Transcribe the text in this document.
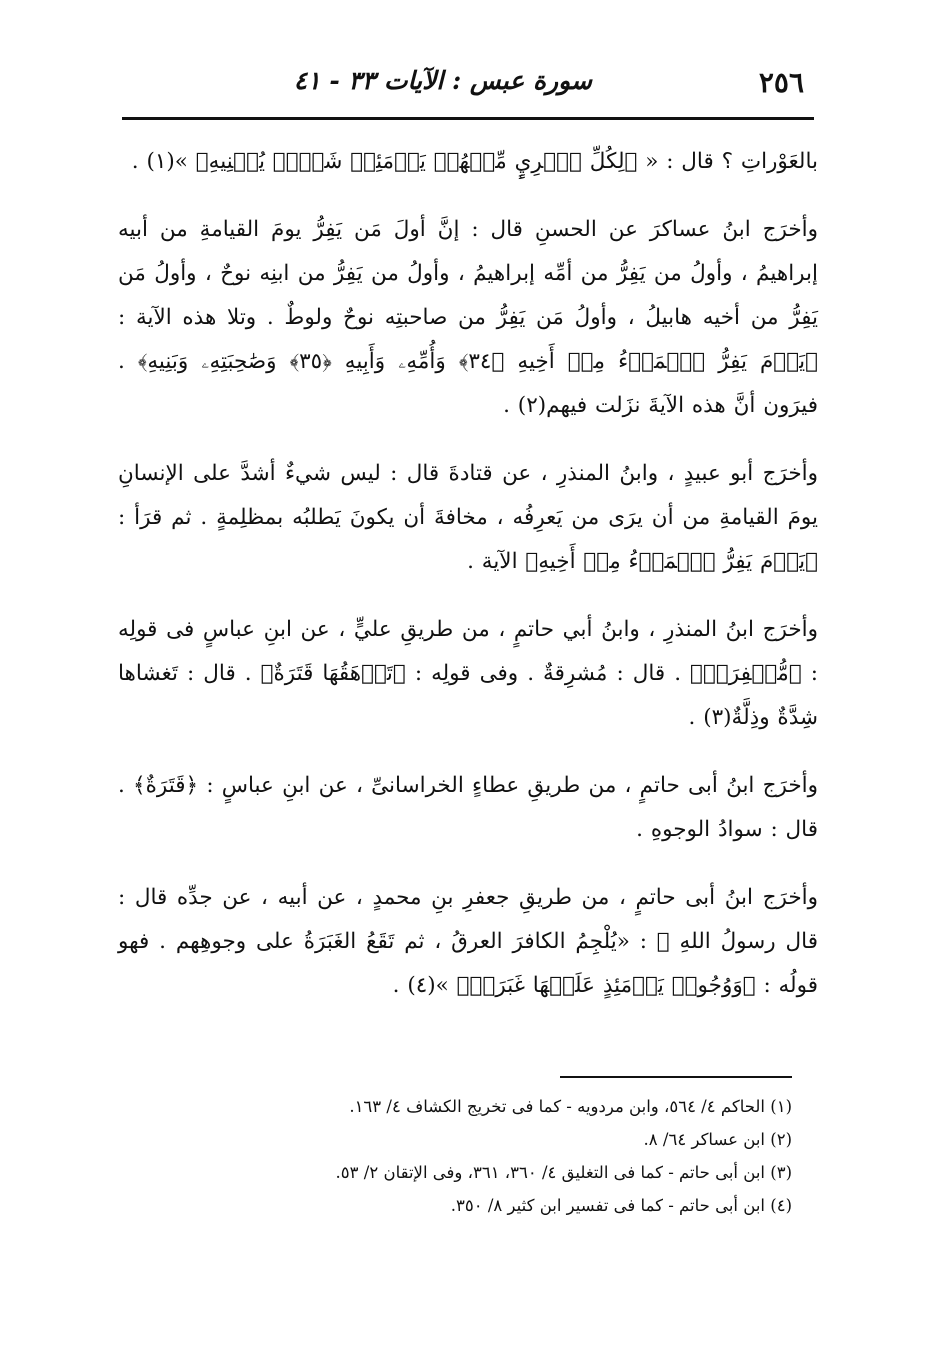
٢٥٦
سورة عبس : الآيات ٣٣ - ٤١

بالعَوْراتِ ؟ قال : « ﴿لِكُلِّ ٱمۡرِيٍٕ مِّنۡهُمۡ يَوۡمَئِذٖ شَأۡنٞ يُغۡنِيهِ﴾ »(١) .

وأخرَج ابنُ عساكرَ عن الحسنِ قال : إنَّ أولَ مَن يَفِرُّ يومَ القيامةِ من أبيه إبراهيمُ ، وأولُ من يَفِرُّ من أمِّه إبراهيمُ ، وأولُ من يَفِرُّ من ابنِه نوحٌ ، وأولُ مَن يَفِرُّ من أخيه هابيلُ ، وأولُ مَن يَفِرُّ من صاحبتِه نوحٌ ولوطٌ . وتلا هذه الآية : ﴿يَوۡمَ يَفِرُّ ٱلۡمَرۡءُ مِنۡ أَخِيهِ ﴿٣٤﴾ وَأُمِّهِۦ وَأَبِيهِ ﴿٣٥﴾ وَصَٰحِبَتِهِۦ وَبَنِيهِ﴾ . فيرَون أنَّ هذه الآيةَ نزَلت فيهم(٢) .

وأخرَج أبو عبيدٍ ، وابنُ المنذرِ ، عن قتادةَ قال : ليس شيءٌ أشدَّ على الإنسانِ يومَ القيامةِ من أن يرَى من يَعرِفُه ، مخافةَ أن يكونَ يَطلبُه بمظلِمةٍ . ثم قرَأ : ﴿يَوۡمَ يَفِرُّ ٱلۡمَرۡءُ مِنۡ أَخِيهِ﴾ الآية .

وأخرَج ابنُ المنذرِ ، وابنُ أبي حاتمٍ ، من طريقِ عليٍّ ، عن ابنِ عباسٍ فى قولِه : ﴿مُّسۡفِرَةٞ﴾ . قال : مُشرِقةٌ . وفى قولِه : ﴿تَرۡهَقُهَا قَتَرَةٌ﴾ . قال : تَغشاها شِدَّةٌ وذِلَّةٌ(٣) .

وأخرَج ابنُ أبى حاتمٍ ، من طريقِ عطاءٍ الخراسانىِّ ، عن ابنِ عباسٍ : ﴿قَتَرَةٌ﴾ . قال : سوادُ الوجوهِ .

وأخرَج ابنُ أبى حاتمٍ ، من طريقِ جعفرِ بنِ محمدٍ ، عن أبيه ، عن جدِّه قال : قال رسولُ اللهِ ﷺ : «يُلْجِمُ الكافرَ العرقُ ، ثم تَقَعُ الغَبَرَةُ على وجوهِهم . فهو قولُه : ﴿وَوُجُوهٞ يَوۡمَئِذٍ عَلَيۡهَا غَبَرَةٞ﴾ »(٤) .

(١) الحاكم ٤/ ٥٦٤، وابن مردويه - كما فى تخريج الكشاف ٤/ ١٦٣.

(٢) ابن عساكر ٦٤/ ٨.

(٣) ابن أبى حاتم - كما فى التغليق ٤/ ٣٦٠، ٣٦١، وفى الإتقان ٢/ ٥٣.

(٤) ابن أبى حاتم - كما فى تفسير ابن كثير ٨/ ٣٥٠.
